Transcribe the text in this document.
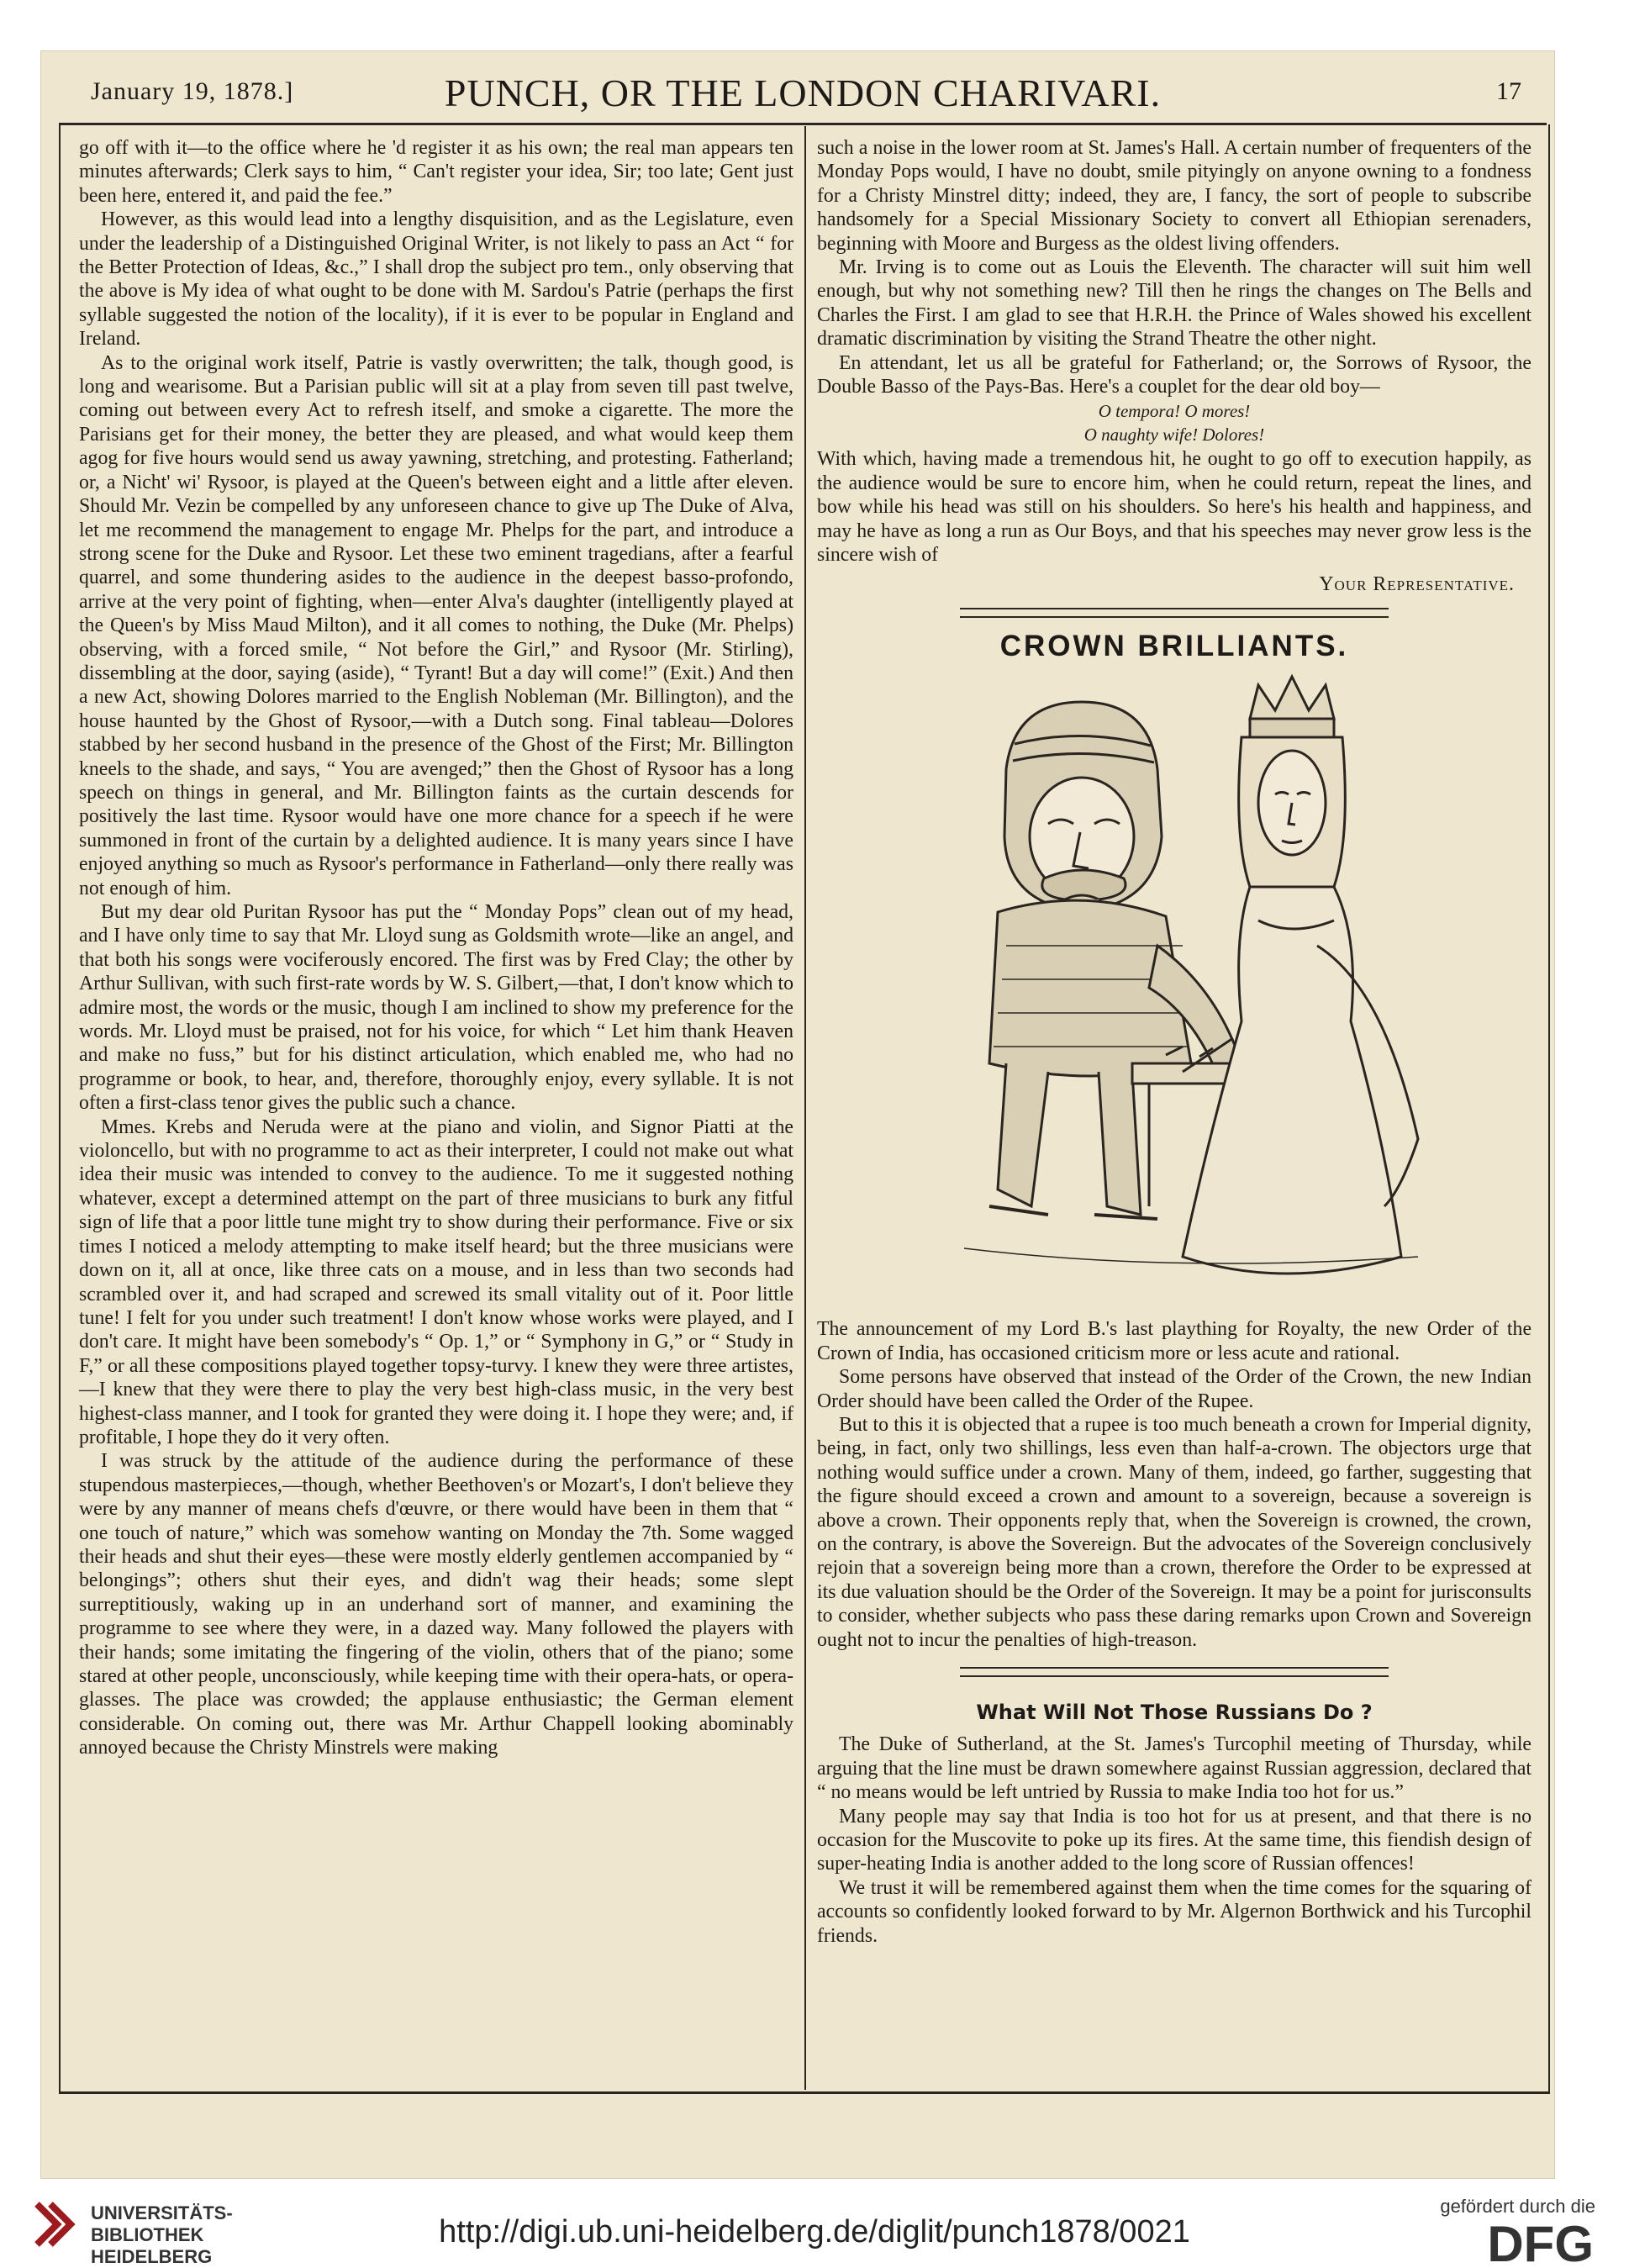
January 19, 1878.]	PUNCH, OR THE LONDON CHARIVARI.	17

go off with it—to the office where he 'd register it as his own; the real man appears ten minutes afterwards; Clerk says to him, “ Can't register your idea, Sir; too late; Gent just been here, entered it, and paid the fee.”

However, as this would lead into a lengthy disquisition, and as the Legislature, even under the leadership of a Distinguished Original Writer, is not likely to pass an Act “ for the Better Protection of Ideas, &c.,” I shall drop the subject pro tem., only observing that the above is My idea of what ought to be done with M. Sardou's Patrie (perhaps the first syllable suggested the notion of the locality), if it is ever to be popular in England and Ireland.

As to the original work itself, Patrie is vastly overwritten; the talk, though good, is long and wearisome. But a Parisian public will sit at a play from seven till past twelve, coming out between every Act to refresh itself, and smoke a cigarette. The more the Parisians get for their money, the better they are pleased, and what would keep them agog for five hours would send us away yawning, stretching, and protesting. Fatherland; or, a Nicht' wi' Rysoor, is played at the Queen's between eight and a little after eleven. Should Mr. Vezin be compelled by any unforeseen chance to give up The Duke of Alva, let me recommend the management to engage Mr. Phelps for the part, and introduce a strong scene for the Duke and Rysoor. Let these two eminent tragedians, after a fearful quarrel, and some thundering asides to the audience in the deepest basso-profondo, arrive at the very point of fighting, when—enter Alva's daughter (intelligently played at the Queen's by Miss Maud Milton), and it all comes to nothing, the Duke (Mr. Phelps) observing, with a forced smile, “ Not before the Girl,” and Rysoor (Mr. Stirling), dissembling at the door, saying (aside), “ Tyrant! But a day will come!” (Exit.) And then a new Act, showing Dolores married to the English Nobleman (Mr. Billington), and the house haunted by the Ghost of Rysoor,—with a Dutch song. Final tableau—Dolores stabbed by her second husband in the presence of the Ghost of the First; Mr. Billington kneels to the shade, and says, “ You are avenged;” then the Ghost of Rysoor has a long speech on things in general, and Mr. Billington faints as the curtain descends for positively the last time. Rysoor would have one more chance for a speech if he were summoned in front of the curtain by a delighted audience. It is many years since I have enjoyed anything so much as Rysoor's performance in Fatherland—only there really was not enough of him.

But my dear old Puritan Rysoor has put the “ Monday Pops” clean out of my head, and I have only time to say that Mr. Lloyd sung as Goldsmith wrote—like an angel, and that both his songs were vociferously encored. The first was by Fred Clay; the other by Arthur Sullivan, with such first-rate words by W. S. Gilbert,—that, I don't know which to admire most, the words or the music, though I am inclined to show my preference for the words. Mr. Lloyd must be praised, not for his voice, for which “ Let him thank Heaven and make no fuss,” but for his distinct articulation, which enabled me, who had no programme or book, to hear, and, therefore, thoroughly enjoy, every syllable. It is not often a first-class tenor gives the public such a chance.

Mmes. Krebs and Neruda were at the piano and violin, and Signor Piatti at the violoncello, but with no programme to act as their interpreter, I could not make out what idea their music was intended to convey to the audience. To me it suggested nothing whatever, except a determined attempt on the part of three musicians to burk any fitful sign of life that a poor little tune might try to show during their performance. Five or six times I noticed a melody attempting to make itself heard; but the three musicians were down on it, all at once, like three cats on a mouse, and in less than two seconds had scrambled over it, and had scraped and screwed its small vitality out of it. Poor little tune! I felt for you under such treatment! I don't know whose works were played, and I don't care. It might have been somebody's “ Op. 1,” or “ Symphony in G,” or “ Study in F,” or all these compositions played together topsy-turvy. I knew they were three artistes,—I knew that they were there to play the very best high-class music, in the very best highest-class manner, and I took for granted they were doing it. I hope they were; and, if profitable, I hope they do it very often.

I was struck by the attitude of the audience during the performance of these stupendous masterpieces,—though, whether Beethoven's or Mozart's, I don't believe they were by any manner of means chefs d'œuvre, or there would have been in them that “ one touch of nature,” which was somehow wanting on Monday the 7th. Some wagged their heads and shut their eyes—these were mostly elderly gentlemen accompanied by “ belongings”; others shut their eyes, and didn't wag their heads; some slept surreptitiously, waking up in an underhand sort of manner, and examining the programme to see where they were, in a dazed way. Many followed the players with their hands; some imitating the fingering of the violin, others that of the piano; some stared at other people, unconsciously, while keeping time with their opera-hats, or opera-glasses. The place was crowded; the applause enthusiastic; the German element considerable. On coming out, there was Mr. Arthur Chappell looking abominably annoyed because the Christy Minstrels were making

such a noise in the lower room at St. James's Hall. A certain number of frequenters of the Monday Pops would, I have no doubt, smile pityingly on anyone owning to a fondness for a Christy Minstrel ditty; indeed, they are, I fancy, the sort of people to subscribe handsomely for a Special Missionary Society to convert all Ethiopian serenaders, beginning with Moore and Burgess as the oldest living offenders.

Mr. Irving is to come out as Louis the Eleventh. The character will suit him well enough, but why not something new? Till then he rings the changes on The Bells and Charles the First. I am glad to see that H.R.H. the Prince of Wales showed his excellent dramatic discrimination by visiting the Strand Theatre the other night.

En attendant, let us all be grateful for Fatherland; or, the Sorrows of Rysoor, the Double Basso of the Pays-Bas. Here's a couplet for the dear old boy—

O tempora! O mores!
O naughty wife! Dolores!

With which, having made a tremendous hit, he ought to go off to execution happily, as the audience would be sure to encore him, when he could return, repeat the lines, and bow while his head was still on his shoulders. So here's his health and happiness, and may he have as long a run as Our Boys, and that his speeches may never grow less is the sincere wish of

Your Representative.
CROWN BRILLIANTS.

The announcement of my Lord B.'s last plaything for Royalty, the new Order of the Crown of India, has occasioned criticism more or less acute and rational.

Some persons have observed that instead of the Order of the Crown, the new Indian Order should have been called the Order of the Rupee.

But to this it is objected that a rupee is too much beneath a crown for Imperial dignity, being, in fact, only two shillings, less even than half-a-crown. The objectors urge that nothing would suffice under a crown. Many of them, indeed, go farther, suggesting that the figure should exceed a crown and amount to a sovereign, because a sovereign is above a crown. Their opponents reply that, when the Sovereign is crowned, the crown, on the contrary, is above the Sovereign. But the advocates of the Sovereign conclusively rejoin that a sovereign being more than a crown, therefore the Order to be expressed at its due valuation should be the Order of the Sovereign. It may be a point for jurisconsults to consider, whether subjects who pass these daring remarks upon Crown and Sovereign ought not to incur the penalties of high-treason.

What Will Not Those Russians Do ?

The Duke of Sutherland, at the St. James's Turcophil meeting of Thursday, while arguing that the line must be drawn somewhere against Russian aggression, declared that “ no means would be left untried by Russia to make India too hot for us.”

Many people may say that India is too hot for us at present, and that there is no occasion for the Muscovite to poke up its fires. At the same time, this fiendish design of super-heating India is another added to the long score of Russian offences!

We trust it will be remembered against them when the time comes for the squaring of accounts so confidently looked forward to by Mr. Algernon Borthwick and his Turcophil friends.

UNIVERSITÄTS-
BIBLIOTHEK
HEIDELBERG
http://digi.ub.uni-heidelberg.de/diglit/punch1878/0021
gefördert durch die
DFG
